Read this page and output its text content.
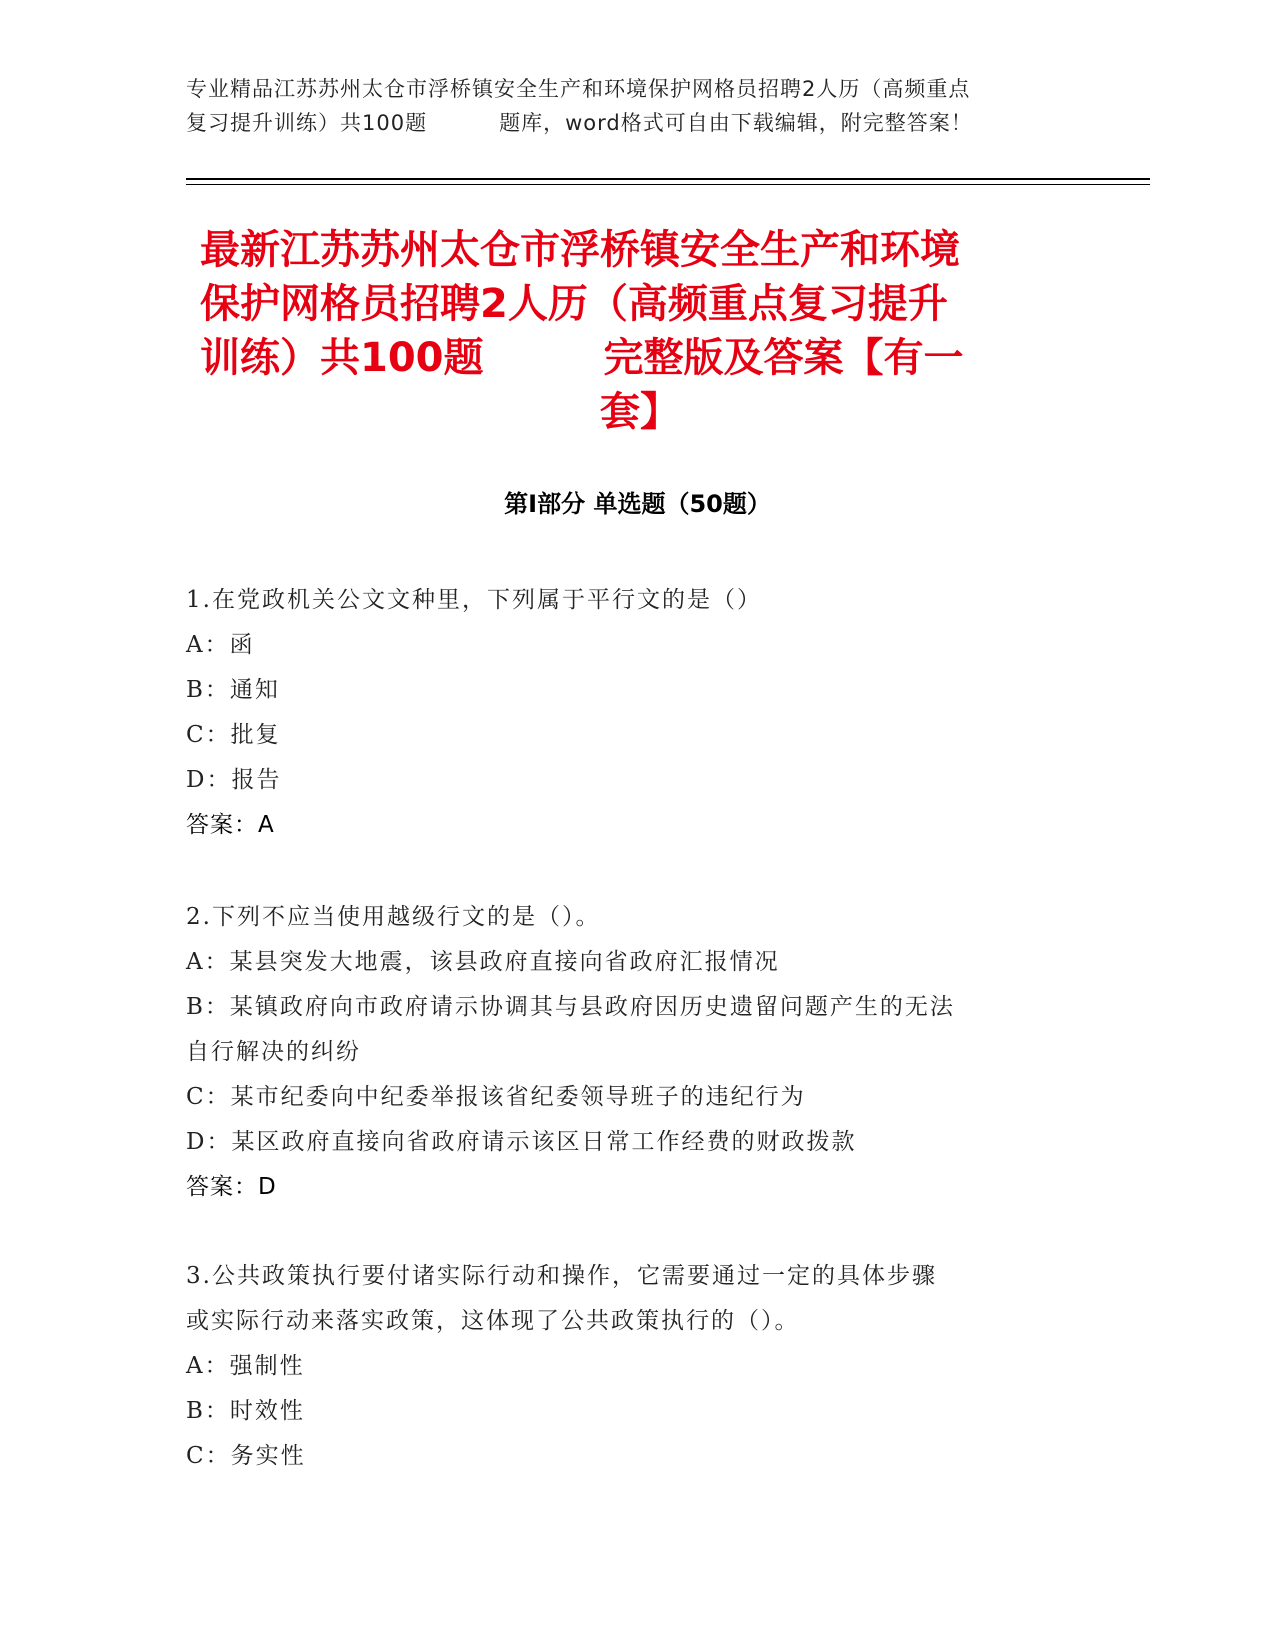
专业精品江苏苏州太仓市浮桥镇安全生产和环境保护网格员招聘2人历（高频重点
复习提升训练）共100题	题库，word格式可自由下载编辑，附完整答案！
最新江苏苏州太仓市浮桥镇安全生产和环境
保护网格员招聘2人历（高频重点复习提升
训练）共100题	完整版及答案【有一
套】
第Ⅰ部分 单选题（50题）
1.在党政机关公文文种里，下列属于平行文的是（）
A：函
B：通知
C：批复
D：报告
答案：A
2.下列不应当使用越级行文的是（）。
A：某县突发大地震，该县政府直接向省政府汇报情况
B：某镇政府向市政府请示协调其与县政府因历史遗留问题产生的无法
自行解决的纠纷
C：某市纪委向中纪委举报该省纪委领导班子的违纪行为
D：某区政府直接向省政府请示该区日常工作经费的财政拨款
答案：D
3.公共政策执行要付诸实际行动和操作，它需要通过一定的具体步骤
或实际行动来落实政策，这体现了公共政策执行的（）。
A：强制性
B：时效性
C：务实性
